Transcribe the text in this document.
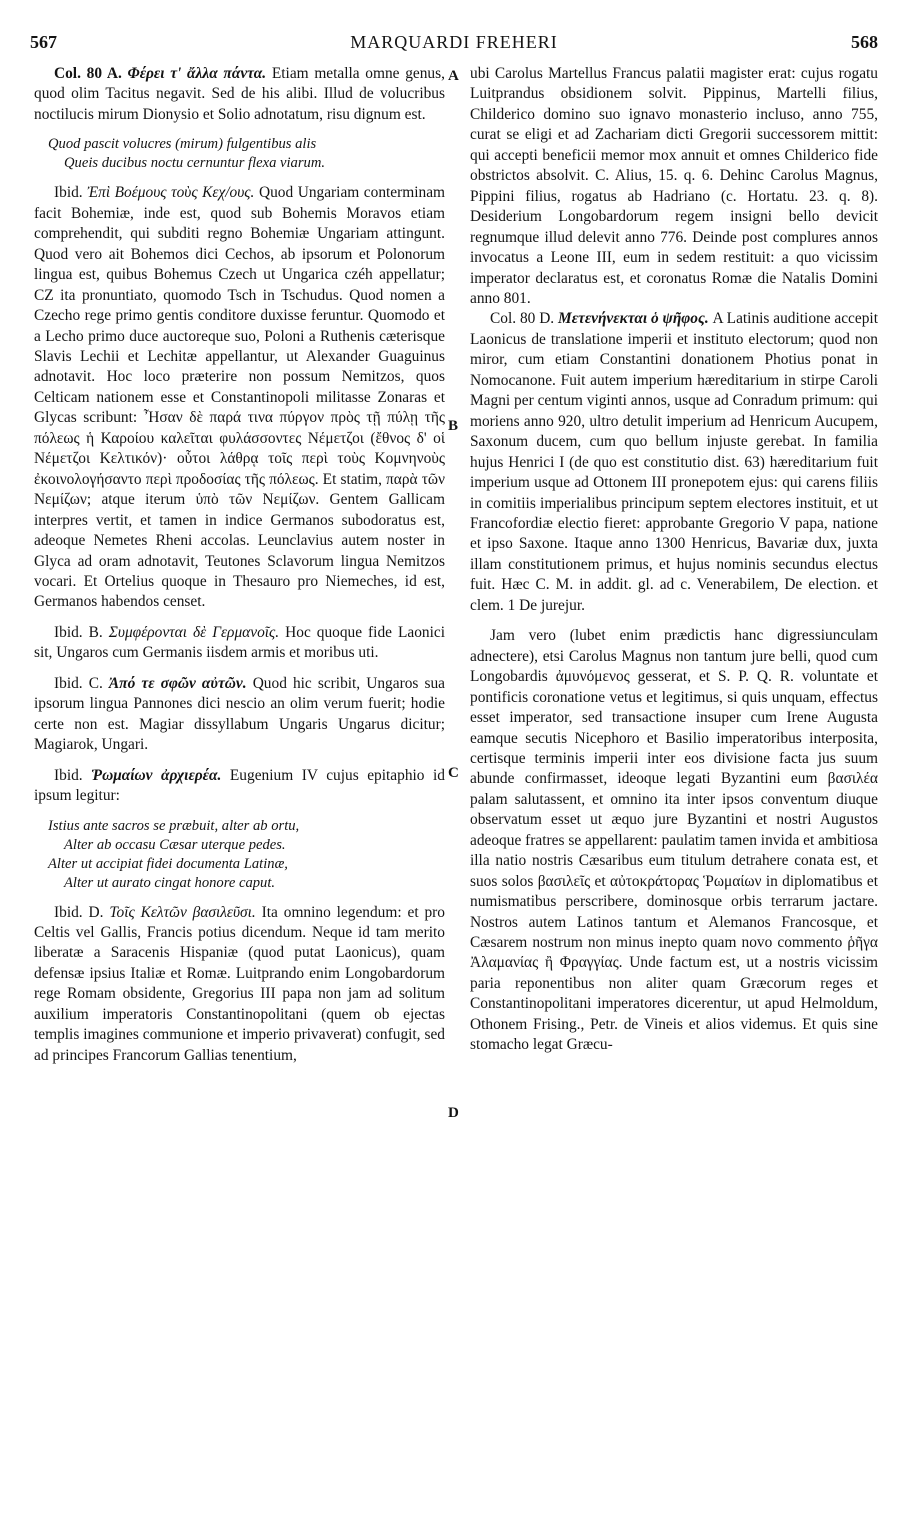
567	MARQUARDI FREHERI	568
A
B
C
D

Col. 80 A. Φέρει τ' ἄλλα πάντα. Etiam metalla omne genus, quod olim Tacitus negavit. Sed de his alibi. Illud de volucribus noctilucis mirum Dionysio et Solio adnotatum, risu dignum est.

Quod pascit volucres (mirum) fulgentibus alis
Queis ducibus noctu cernuntur flexa viarum.

Ibid. Ἐπὶ Βοέμους τοὺς Κεχ/ους. Quod Ungariam conterminam facit Bohemiæ, inde est, quod sub Bohemis Moravos etiam comprehendit, qui subditi regno Bohemiæ Ungariam attingunt. Quod vero ait Bohemos dici Cechos, ab ipsorum et Polonorum lingua est, quibus Bohemus Czech ut Ungarica czéh appellatur; CZ ita pronuntiato, quomodo Tsch in Tschudus. Quod nomen a Czecho rege primo gentis conditore duxisse feruntur. Quomodo et a Lecho primo duce auctoreque suo, Poloni a Ruthenis cæterisque Slavis Lechii et Lechitæ appellantur, ut Alexander Guaguinus adnotavit. Hoc loco præterire non possum Nemitzos, quos Celticam nationem esse et Constantinopoli militasse Zonaras et Glycas scribunt: Ἦσαν δὲ παρά τινα πύργον πρὸς τῇ πύλῃ τῆς πόλεως ἡ Καροίου καλεῖται φυλάσσοντες Νέμετζοι (ἔθνος δ' οἱ Νέμετζοι Κελτικόν)· οὗτοι λάθρᾳ τοῖς περὶ τοὺς Κομνηνοὺς ἐκοινολογήσαντο περὶ προδοσίας τῆς πόλεως. Et statim, παρὰ τῶν Νεμίζων; atque iterum ὑπὸ τῶν Νεμίζων. Gentem Gallicam interpres vertit, et tamen in indice Germanos subodoratus est, adeoque Nemetes Rheni accolas. Leunclavius autem noster in Glyca ad oram adnotavit, Teutones Sclavorum lingua Nemitzos vocari. Et Ortelius quoque in Thesauro pro Niemeches, id est, Germanos habendos censet.

Ibid. B. Συμφέρονται δὲ Γερμανοῖς. Hoc quoque fide Laonici sit, Ungaros cum Germanis iisdem armis et moribus uti.

Ibid. C. Ἀπό τε σφῶν αὐτῶν. Quod hic scribit, Ungaros sua ipsorum lingua Pannones dici nescio an olim verum fuerit; hodie certe non est. Magiar dissyllabum Ungaris Ungarus dicitur; Magiarok, Ungari.

Ibid. Ῥωμαίων ἀρχιερέα. Eugenium IV cujus epitaphio id ipsum legitur:

Istius ante sacros se præbuit, alter ab ortu,
Alter ab occasu Cæsar uterque pedes.
Alter ut accipiat fidei documenta Latinæ,
Alter ut aurato cingat honore caput.

Ibid. D. Τοῖς Κελτῶν βασιλεῦσι. Ita omnino legendum: et pro Celtis vel Gallis, Francis potius dicendum. Neque id tam merito liberatæ a Saracenis Hispaniæ (quod putat Laonicus), quam defensæ ipsius Italiæ et Romæ. Luitprando enim Longobardorum rege Romam obsidente, Gregorius III papa non jam ad solitum auxilium imperatoris Constantinopolitani (quem ob ejectas templis imagines communione et imperio privaverat) confugit, sed ad principes Francorum Gallias tenentium,

ubi Carolus Martellus Francus palatii magister erat: cujus rogatu Luitprandus obsidionem solvit. Pippinus, Martelli filius, Childerico domino suo ignavo monasterio incluso, anno 755, curat se eligi et ad Zachariam dicti Gregorii successorem mittit: qui accepti beneficii memor mox annuit et omnes Childerico fide obstrictos absolvit. C. Alius, 15. q. 6. Dehinc Carolus Magnus, Pippini filius, rogatus ab Hadriano (c. Hortatu. 23. q. 8). Desiderium Longobardorum regem insigni bello devicit regnumque illud delevit anno 776. Deinde post complures annos invocatus a Leone III, eum in sedem restituit: a quo vicissim imperator declaratus est, et coronatus Romæ die Natalis Domini anno 801.

Col. 80 D. Μετενήνεκται ὁ ψῆφος. A Latinis auditione accepit Laonicus de translatione imperii et instituto electorum; quod non miror, cum etiam Constantini donationem Photius ponat in Nomocanone. Fuit autem imperium hæreditarium in stirpe Caroli Magni per centum viginti annos, usque ad Conradum primum: qui moriens anno 920, ultro detulit imperium ad Henricum Aucupem, Saxonum ducem, cum quo bellum injuste gerebat. In familia hujus Henrici I (de quo est constitutio dist. 63) hæreditarium fuit imperium usque ad Ottonem III pronepotem ejus: qui carens filiis in comitiis imperialibus principum septem electores instituit, et ut Francofordiæ electio fieret: approbante Gregorio V papa, natione et ipso Saxone. Itaque anno 1300 Henricus, Bavariæ dux, juxta illam constitutionem primus, et hujus nominis secundus electus fuit. Hæc C. M. in addit. gl. ad c. Venerabilem, De election. et clem. 1 De jurejur.

Jam vero (lubet enim prædictis hanc digressiunculam adnectere), etsi Carolus Magnus non tantum jure belli, quod cum Longobardis ἀμυνόμενος gesserat, et S. P. Q. R. voluntate et pontificis coronatione vetus et legitimus, si quis unquam, effectus esset imperator, sed transactione insuper cum Irene Augusta eamque secutis Nicephoro et Basilio imperatoribus interposita, certisque terminis imperii inter eos divisione facta jus suum abunde confirmasset, ideoque legati Byzantini eum βασιλέα palam salutassent, et omnino ita inter ipsos conventum diuque observatum esset ut æquo jure Byzantini et nostri Augustos adeoque fratres se appellarent: paulatim tamen invida et ambitiosa illa natio nostris Cæsaribus eum titulum detrahere conata est, et suos solos βασιλεῖς et αὐτοκράτορας Ῥωμαίων in diplomatibus et numismatibus perscribere, dominosque orbis terrarum jactare. Nostros autem Latinos tantum et Alemanos Francosque, et Cæsarem nostrum non minus inepto quam novo commento ῥῆγα Ἀλαμανίας ἢ Φραγγίας. Unde factum est, ut a nostris vicissim paria reponentibus non aliter quam Græcorum reges et Constantinopolitani imperatores dicerentur, ut apud Helmoldum, Othonem Frising., Petr. de Vineis et alios videmus. Et quis sine stomacho legat Græcu-
